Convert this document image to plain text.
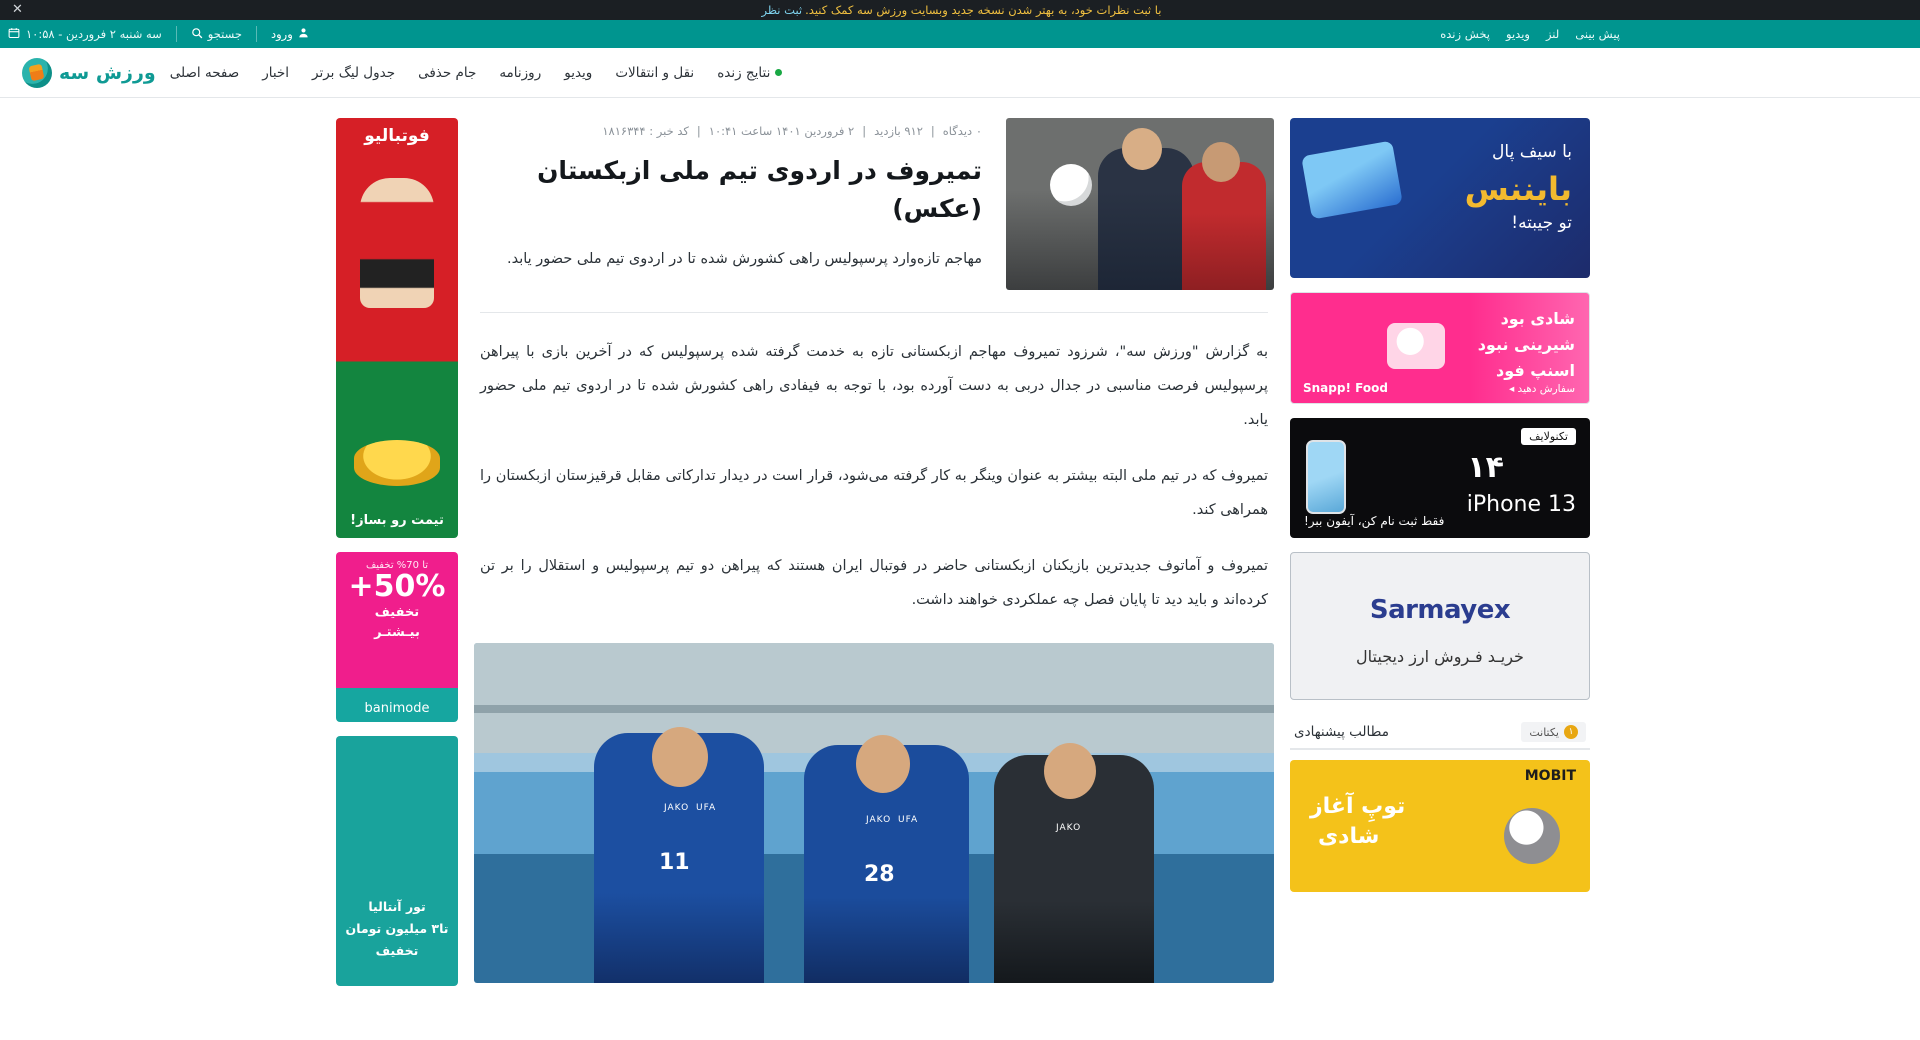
با ثبت نظرات خود، به بهتر شدن نسخه جدید وبسایت ورزش سه کمک کنید.
ثبت نظر
✕
پیش بینی
لنز
ویدیو
پخش زنده
ورود
جستجو
سه شنبه ۲ فروردین - ۱۰:۵۸
نتایج زنده
نقل و انتقالات
ویدیو
روزنامه
جام حذفی
جدول لیگ برتر
اخبار
صفحه اصلی
ورزش سه
با سیف پال
بایننس
تو جیبته!
شادی بود
شیرینی نبود
اسنپ فود
Snapp! Food	سفارش دهید ◂
تکنولایف
۱۴
iPhone 13
فقط ثبت نام کن، آیفون ببر!
Sarmayex
خریـد فـروش ارز دیجیتال
۱
یکتانت
مطالب پیشنهادی
MOBIT
توپِ آغاز
شادی
۰ دیدگاه
|
۹۱۲ بازدید
|
۲ فروردین ۱۴۰۱ ساعت ۱۰:۴۱
|
کد خبر : ۱۸۱۶۳۴۴
تمیروف در اردوی تیم ملی ازبکستان (عکس)
مهاجم تازه‌وارد پرسپولیس راهی کشورش شده تا در اردوی تیم ملی حضور یابد.

به گزارش "ورزش سه"، شرزود تمیروف مهاجم ازبکستانی تازه به خدمت گرفته شده پرسپولیس که در آخرین بازی با پیراهن پرسپولیس فرصت مناسبی در جدال دربی به دست آورده بود، با توجه به فیفادی راهی کشورش شده تا در اردوی تیم ملی حضور یابد.

تمیروف که در تیم ملی البته بیشتر به عنوان وینگر به کار گرفته می‌شود، قرار است در دیدار تدارکاتی مقابل قرقیزستان ازبکستان را همراهی کند.

تمیروف و آماتوف جدیدترین بازیکنان ازبکستانی حاضر در فوتبال ایران هستند که پیراهن دو تیم پرسپولیس و استقلال را بر تن کرده‌اند و باید دید تا پایان فصل چه عملکردی خواهند داشت.

11	28
JAKO UFA
JAKO UFA
JAKO
فوتبالیو
تیمت رو بساز!
تا 70% تخفیف
50%+
تخفیف
بیـشتـر
banimode
تور آنتالیا
تا۳ میلیون تومان
تخفیف
